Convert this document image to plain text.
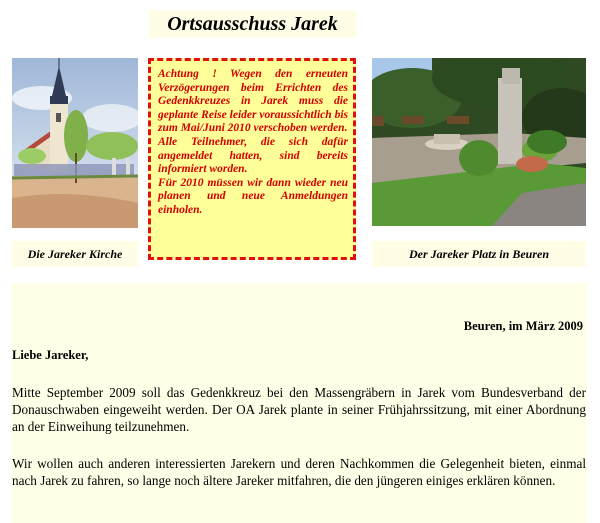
Ortsausschuss Jarek

Achtung ! Wegen den erneuten Verzögerungen beim Errichten des Gedenkkreuzes in Jarek muss die geplante Reise leider voraussichtlich bis zum Mai/Juni 2010 verschoben werden.

Alle Teilnehmer, die sich dafür angemeldet hatten, sind bereits informiert worden.

Für 2010 müssen wir dann wieder neu planen und neue Anmeldungen einholen.

Die Jareker Kirche	Der Jareker Platz in Beuren
Beuren, im März 2009
Liebe Jareker,

Mitte September 2009 soll das Gedenkkreuz bei den Massengräbern in Jarek vom Bundesverband der Donauschwaben eingeweiht werden. Der OA Jarek plante in seiner Frühjahrssitzung, mit einer Abordnung an der Einweihung teilzunehmen.

Wir wollen auch anderen interessierten Jarekern und deren Nachkommen die Gelegenheit bieten, einmal nach Jarek zu fahren, so lange noch ältere Jareker mitfahren, die den jüngeren einiges erklären können.
